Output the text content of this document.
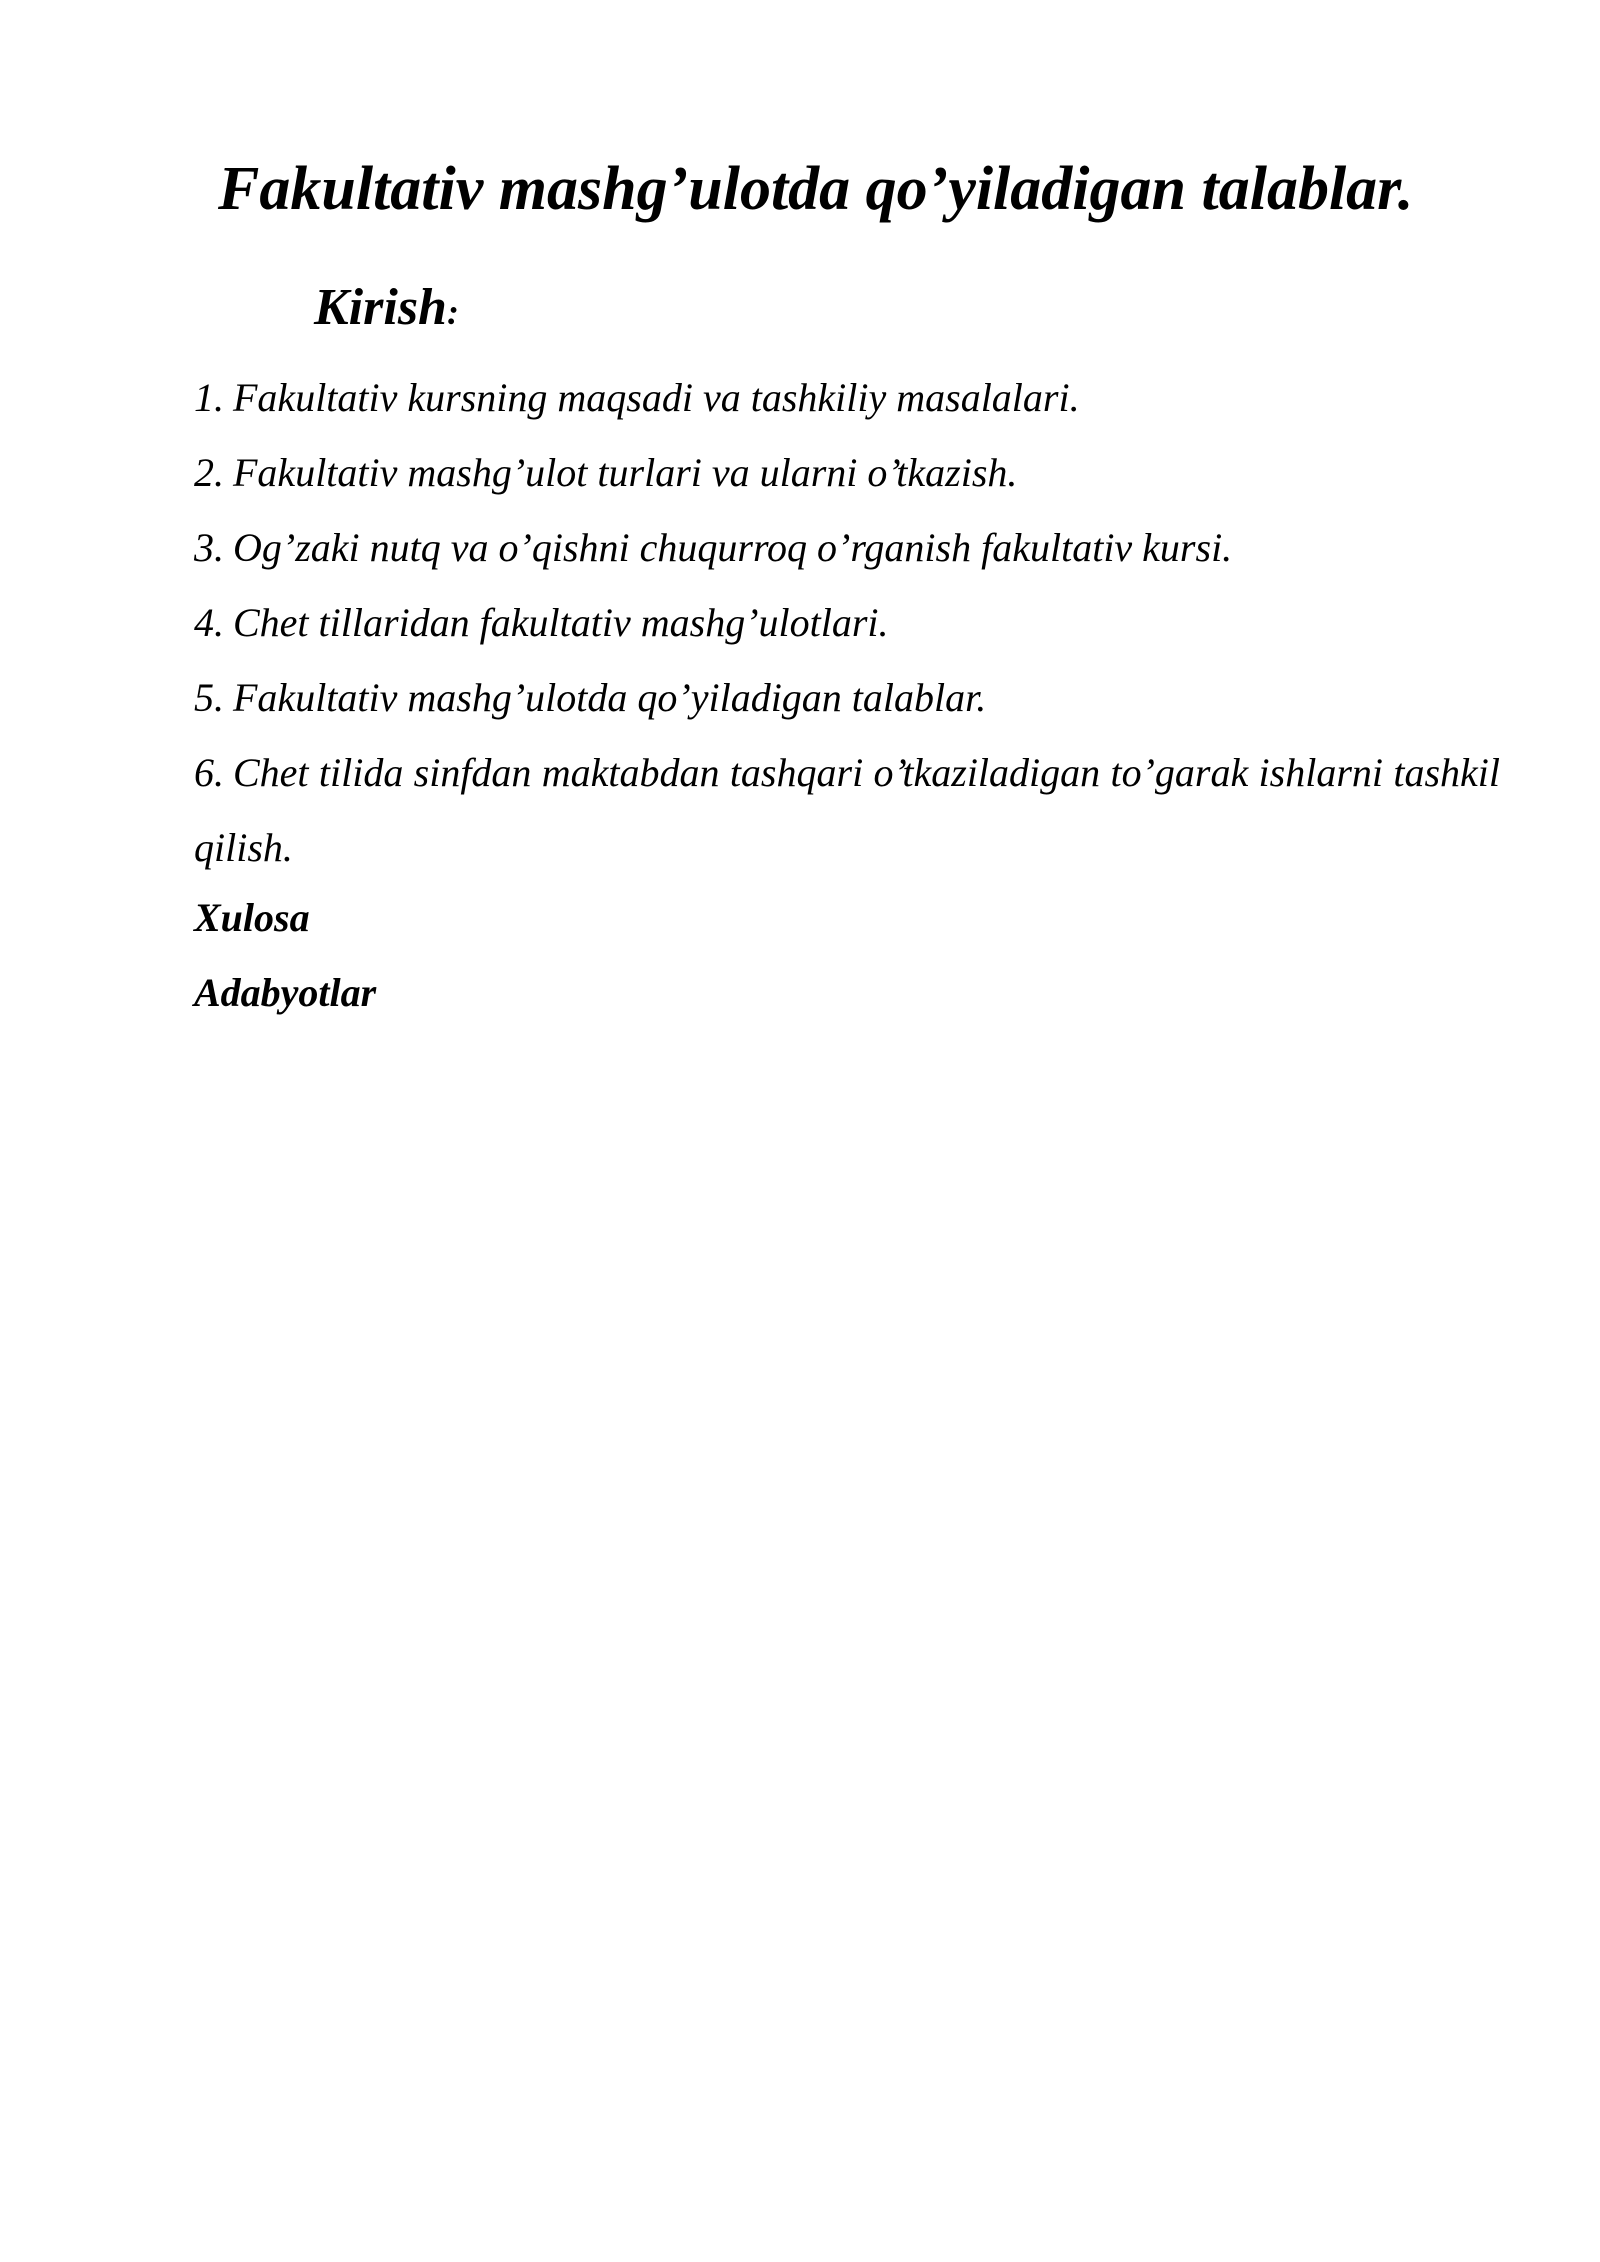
Fakultativ mashg’ulotda qo’yiladigan talablar.

Kirish:

1. Fakultativ kursning maqsadi va tashkiliy masalalari.
2. Fakultativ mashg’ulot turlari va ularni o’tkazish.
3. Og’zaki nutq va o’qishni chuqurroq o’rganish fakultativ kursi.
4. Chet tillaridan fakultativ mashg’ulotlari.
5. Fakultativ mashg’ulotda qo’yiladigan talablar.
6. Chet tilida sinfdan maktabdan tashqari o’tkaziladigan to’garak ishlarni tashkil qilish.

Xulosa

Adabyotlar
